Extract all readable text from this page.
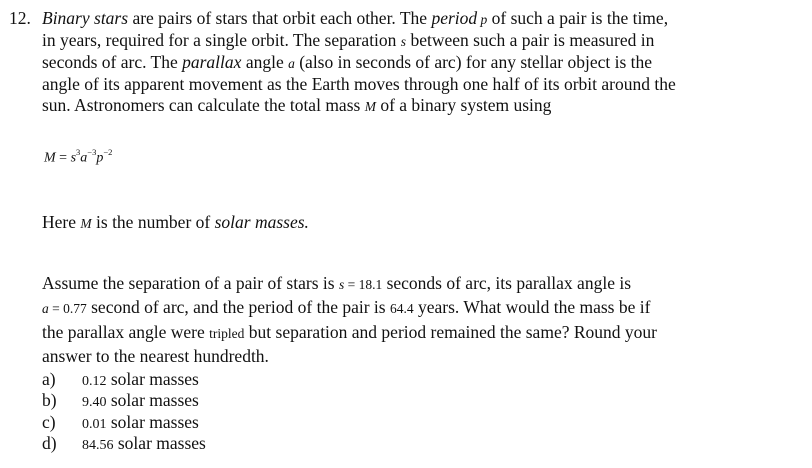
12. Binary stars are pairs of stars that orbit each other. The period p of such a pair is the time,
in years, required for a single orbit. The separation s between such a pair is measured in
seconds of arc. The parallax angle a (also in seconds of arc) for any stellar object is the
angle of its apparent movement as the Earth moves through one half of its orbit around the
sun. Astronomers can calculate the total mass M of a binary system using
$M = s^3a^{-3}p^{-2}$
Here M is the number of solar masses.
Assume the separation of a pair of stars is s = 18.1 seconds of arc, its parallax angle is
a = 0.77 second of arc, and the period of the pair is 64.4 years. What would the mass be if
the parallax angle were tripled but separation and period remained the same? Round your
answer to the nearest hundredth.
a) 0.12 solar masses
b) 9.40 solar masses
c) 0.01 solar masses
d) 84.56 solar masses
